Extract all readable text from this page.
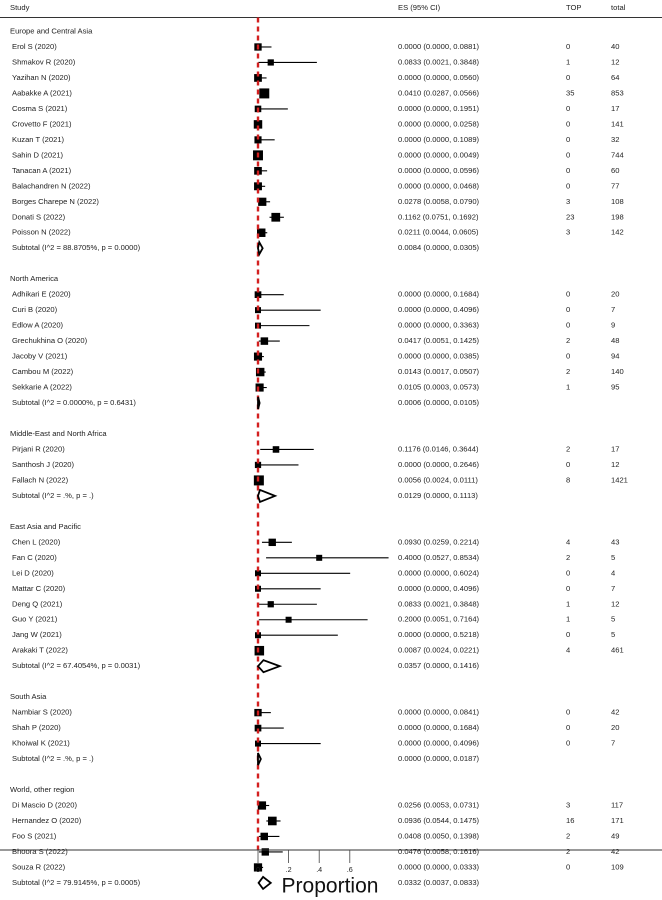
Study	ES (95% CI)	TOP	total
Europe and Central Asia
Erol S (2020)	0.0000 (0.0000, 0.0881)	0	40
Shmakov R (2020)	0.0833 (0.0021, 0.3848)	1	12
Yazihan N (2020)	0.0000 (0.0000, 0.0560)	0	64
Aabakke A (2021)	0.0410 (0.0287, 0.0566)	35	853
Cosma S (2021)	0.0000 (0.0000, 0.1951)	0	17
Crovetto F (2021)	0.0000 (0.0000, 0.0258)	0	141
Kuzan T (2021)	0.0000 (0.0000, 0.1089)	0	32
Sahin D (2021)	0.0000 (0.0000, 0.0049)	0	744
Tanacan A (2021)	0.0000 (0.0000, 0.0596)	0	60
Balachandren N (2022)	0.0000 (0.0000, 0.0468)	0	77
Borges Charepe N (2022)	0.0278 (0.0058, 0.0790)	3	108
Donati S (2022)	0.1162 (0.0751, 0.1692)	23	198
Poisson N (2022)	0.0211 (0.0044, 0.0605)	3	142
Subtotal (I^2 = 88.8705%, p = 0.0000)	0.0084 (0.0000, 0.0305)
North America
Adhikari E (2020)	0.0000 (0.0000, 0.1684)	0	20
Curi B (2020)	0.0000 (0.0000, 0.4096)	0	7
Edlow A (2020)	0.0000 (0.0000, 0.3363)	0	9
Grechukhina O (2020)	0.0417 (0.0051, 0.1425)	2	48
Jacoby V (2021)	0.0000 (0.0000, 0.0385)	0	94
Cambou M (2022)	0.0143 (0.0017, 0.0507)	2	140
Sekkarie A (2022)	0.0105 (0.0003, 0.0573)	1	95
Subtotal (I^2 = 0.0000%, p = 0.6431)	0.0006 (0.0000, 0.0105)
Middle-East and North Africa
Pirjani R (2020)	0.1176 (0.0146, 0.3644)	2	17
Santhosh J (2020)	0.0000 (0.0000, 0.2646)	0	12
Fallach N (2022)	0.0056 (0.0024, 0.0111)	8	1421
Subtotal (I^2 = .%, p = .)	0.0129 (0.0000, 0.1113)
East Asia and Pacific
Chen L (2020)	0.0930 (0.0259, 0.2214)	4	43
Fan C (2020)	0.4000 (0.0527, 0.8534)	2	5
Lei D (2020)	0.0000 (0.0000, 0.6024)	0	4
Mattar C (2020)	0.0000 (0.0000, 0.4096)	0	7
Deng Q (2021)	0.0833 (0.0021, 0.3848)	1	12
Guo Y (2021)	0.2000 (0.0051, 0.7164)	1	5
Jang W (2021)	0.0000 (0.0000, 0.5218)	0	5
Arakaki T (2022)	0.0087 (0.0024, 0.0221)	4	461
Subtotal (I^2 = 67.4054%, p = 0.0031)	0.0357 (0.0000, 0.1416)
South Asia
Nambiar S (2020)	0.0000 (0.0000, 0.0841)	0	42
Shah P (2020)	0.0000 (0.0000, 0.1684)	0	20
Khoiwal K (2021)	0.0000 (0.0000, 0.4096)	0	7
Subtotal (I^2 = .%, p = .)	0.0000 (0.0000, 0.0187)
World, other region
Di Mascio D (2020)	0.0256 (0.0053, 0.0731)	3	117
Hernandez O (2020)	0.0936 (0.0544, 0.1475)	16	171
Foo S (2021)	0.0408 (0.0050, 0.1398)	2	49
Bhoora S (2022)	0.0476 (0.0058, 0.1616)	2	42
Souza R (2022)	0.0000 (0.0000, 0.0333)	0	109
Subtotal (I^2 = 79.9145%, p = 0.0005)	0.0332 (0.0037, 0.0833)
0	.2	.4	.6
Proportion
